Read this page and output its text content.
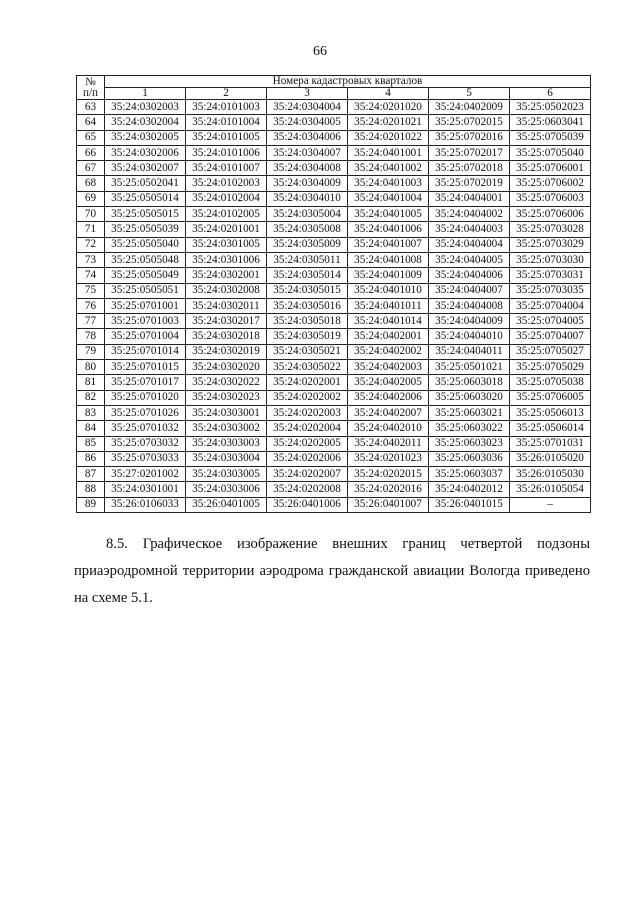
66
№
п/п	Номера кадастровых кварталов					
	1	2	3	4	5	6
63	35:24:0302003	35:24:0101003	35:24:0304004	35:24:0201020	35:24:0402009	35:25:0502023
64	35:24:0302004	35:24:0101004	35:24:0304005	35:24:0201021	35:25:0702015	35:25:0603041
65	35:24:0302005	35:24:0101005	35:24:0304006	35:24:0201022	35:25:0702016	35:25:0705039
66	35:24:0302006	35:24:0101006	35:24:0304007	35:24:0401001	35:25:0702017	35:25:0705040
67	35:24:0302007	35:24:0101007	35:24:0304008	35:24:0401002	35:25:0702018	35:25:0706001
68	35:25:0502041	35:24:0102003	35:24:0304009	35:24:0401003	35:25:0702019	35:25:0706002
69	35:25:0505014	35:24:0102004	35:24:0304010	35:24:0401004	35:24:0404001	35:25:0706003
70	35:25:0505015	35:24:0102005	35:24:0305004	35:24:0401005	35:24:0404002	35:25:0706006
71	35:25:0505039	35:24:0201001	35:24:0305008	35:24:0401006	35:24:0404003	35:25:0703028
72	35:25:0505040	35:24:0301005	35:24:0305009	35:24:0401007	35:24:0404004	35:25:0703029
73	35:25:0505048	35:24:0301006	35:24:0305011	35:24:0401008	35:24:0404005	35:25:0703030
74	35:25:0505049	35:24:0302001	35:24:0305014	35:24:0401009	35:24:0404006	35:25:0703031
75	35:25:0505051	35:24:0302008	35:24:0305015	35:24:0401010	35:24:0404007	35:25:0703035
76	35:25:0701001	35:24:0302011	35:24:0305016	35:24:0401011	35:24:0404008	35:25:0704004
77	35:25:0701003	35:24:0302017	35:24:0305018	35:24:0401014	35:24:0404009	35:25:0704005
78	35:25:0701004	35:24:0302018	35:24:0305019	35:24:0402001	35:24:0404010	35:25:0704007
79	35:25:0701014	35:24:0302019	35:24:0305021	35:24:0402002	35:24:0404011	35:25:0705027
80	35:25:0701015	35:24:0302020	35:24:0305022	35:24:0402003	35:25:0501021	35:25:0705029
81	35:25:0701017	35:24:0302022	35:24:0202001	35:24:0402005	35:25:0603018	35:25:0705038
82	35:25:0701020	35:24:0302023	35:24:0202002	35:24:0402006	35:25:0603020	35:25:0706005
83	35:25:0701026	35:24:0303001	35:24:0202003	35:24:0402007	35:25:0603021	35:25:0506013
84	35:25:0701032	35:24:0303002	35:24:0202004	35:24:0402010	35:25:0603022	35:25:0506014
85	35:25:0703032	35:24:0303003	35:24:0202005	35:24:0402011	35:25:0603023	35:25:0701031
86	35:25:0703033	35:24:0303004	35:24:0202006	35:24:0201023	35:25:0603036	35:26:0105020
87	35:27:0201002	35:24:0303005	35:24:0202007	35:24:0202015	35:25:0603037	35:26:0105030
88	35:24:0301001	35:24:0303006	35:24:0202008	35:24:0202016	35:24:0402012	35:26:0105054
89	35:26:0106033	35:26:0401005	35:26:0401006	35:26:0401007	35:26:0401015	–
8.5. Графическое изображение внешних границ четвертой подзоны
приаэродромной территории аэродрома гражданской авиации Вологда приведено
на схеме 5.1.
